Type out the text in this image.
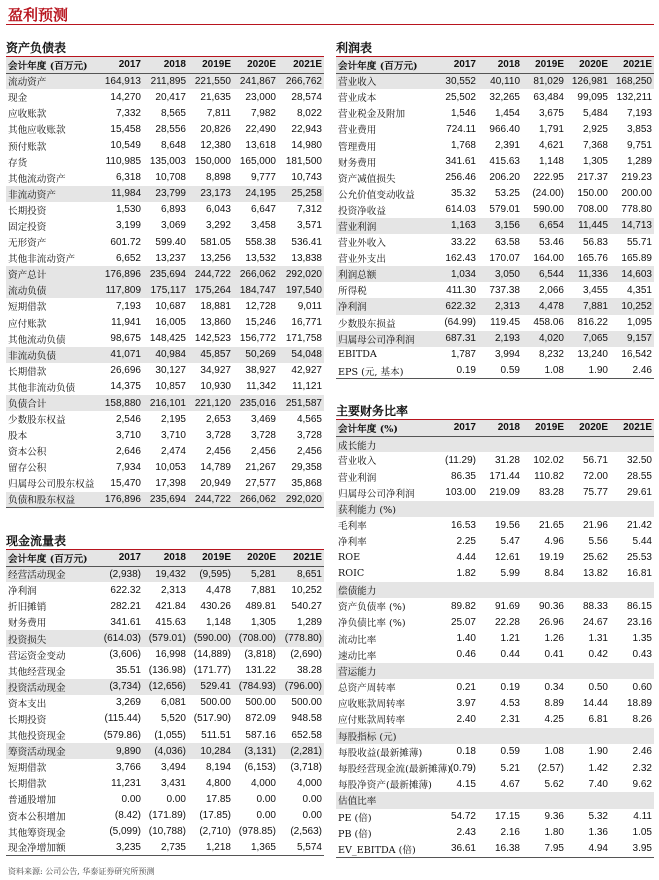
盈利预测
资产负债表
会计年度 (百万元)	2017	2018	2019E	2020E	2021E
流动资产	164,913	211,895	221,550	241,867	266,762
现金	14,270	20,417	21,635	23,000	28,574
应收账款	7,332	8,565	7,811	7,982	8,022
其他应收账款	15,458	28,556	20,826	22,490	22,943
预付账款	10,549	8,648	12,380	13,618	14,980
存货	110,985	135,003	150,000	165,000	181,500
其他流动资产	6,318	10,708	8,898	9,777	10,743
非流动资产	11,984	23,799	23,173	24,195	25,258
长期投资	1,530	6,893	6,043	6,647	7,312
固定投资	3,199	3,069	3,292	3,458	3,571
无形资产	601.72	599.40	581.05	558.38	536.41
其他非流动资产	6,652	13,237	13,256	13,532	13,838
资产总计	176,896	235,694	244,722	266,062	292,020
流动负债	117,809	175,117	175,264	184,747	197,540
短期借款	7,193	10,687	18,881	12,728	9,011
应付账款	11,941	16,005	13,860	15,246	16,771
其他流动负债	98,675	148,425	142,523	156,772	171,758
非流动负债	41,071	40,984	45,857	50,269	54,048
长期借款	26,696	30,127	34,927	38,927	42,927
其他非流动负债	14,375	10,857	10,930	11,342	11,121
负债合计	158,880	216,101	221,120	235,016	251,587
少数股东权益	2,546	2,195	2,653	3,469	4,565
股本	3,710	3,710	3,728	3,728	3,728
资本公积	2,646	2,474	2,456	2,456	2,456
留存公积	7,934	10,053	14,789	21,267	29,358
归属母公司股东权益	15,470	17,398	20,949	27,577	35,868
负债和股东权益	176,896	235,694	244,722	266,062	292,020
现金流量表
会计年度 (百万元)	2017	2018	2019E	2020E	2021E
经营活动现金	(2,938)	19,432	(9,595)	5,281	8,651
净利润	622.32	2,313	4,478	7,881	10,252
折旧摊销	282.21	421.84	430.26	489.81	540.27
财务费用	341.61	415.63	1,148	1,305	1,289
投资损失	(614.03)	(579.01)	(590.00)	(708.00)	(778.80)
营运资金变动	(3,606)	16,998	(14,889)	(3,818)	(2,690)
其他经营现金	35.51	(136.98)	(171.77)	131.22	38.28
投资活动现金	(3,734)	(12,656)	529.41	(784.93)	(796.00)
资本支出	3,269	6,081	500.00	500.00	500.00
长期投资	(115.44)	5,520	(517.90)	872.09	948.58
其他投资现金	(579.86)	(1,055)	511.51	587.16	652.58
筹资活动现金	9,890	(4,036)	10,284	(3,131)	(2,281)
短期借款	3,766	3,494	8,194	(6,153)	(3,718)
长期借款	11,231	3,431	4,800	4,000	4,000
普通股增加	0.00	0.00	17.85	0.00	0.00
资本公积增加	(8.42)	(171.89)	(17.85)	0.00	0.00
其他筹资现金	(5,099)	(10,788)	(2,710)	(978.85)	(2,563)
现金净增加额	3,235	2,735	1,218	1,365	5,574
利润表
会计年度 (百万元)	2017	2018	2019E	2020E	2021E
营业收入	30,552	40,110	81,029	126,981	168,250
营业成本	25,502	32,265	63,484	99,095	132,211
营业税金及附加	1,546	1,454	3,675	5,484	7,193
营业费用	724.11	966.40	1,791	2,925	3,853
管理费用	1,768	2,391	4,621	7,368	9,751
财务费用	341.61	415.63	1,148	1,305	1,289
资产减值损失	256.46	206.20	222.95	217.37	219.23
公允价值变动收益	35.32	53.25	(24.00)	150.00	200.00
投资净收益	614.03	579.01	590.00	708.00	778.80
营业利润	1,163	3,156	6,654	11,445	14,713
营业外收入	33.22	63.58	53.46	56.83	55.71
营业外支出	162.43	170.07	164.00	165.76	165.89
利润总额	1,034	3,050	6,544	11,336	14,603
所得税	411.30	737.38	2,066	3,455	4,351
净利润	622.32	2,313	4,478	7,881	10,252
少数股东损益	(64.99)	119.45	458.06	816.22	1,095
归属母公司净利润	687.31	2,193	4,020	7,065	9,157
EBITDA	1,787	3,994	8,232	13,240	16,542
EPS (元, 基本)	0.19	0.59	1.08	1.90	2.46
主要财务比率
会计年度 (%)	2017	2018	2019E	2020E	2021E
成长能力					
营业收入	(11.29)	31.28	102.02	56.71	32.50
营业利润	86.35	171.44	110.82	72.00	28.55
归属母公司净利润	103.00	219.09	83.28	75.77	29.61
获利能力 (%)					
毛利率	16.53	19.56	21.65	21.96	21.42
净利率	2.25	5.47	4.96	5.56	5.44
ROE	4.44	12.61	19.19	25.62	25.53
ROIC	1.82	5.99	8.84	13.82	16.81
偿债能力					
资产负债率 (%)	89.82	91.69	90.36	88.33	86.15
净负债比率 (%)	25.07	22.28	26.96	24.67	23.16
流动比率	1.40	1.21	1.26	1.31	1.35
速动比率	0.46	0.44	0.41	0.42	0.43
营运能力					
总资产周转率	0.21	0.19	0.34	0.50	0.60
应收账款周转率	3.97	4.53	8.89	14.44	18.89
应付账款周转率	2.40	2.31	4.25	6.81	8.26
每股指标 (元)					
每股收益(最新摊薄)	0.18	0.59	1.08	1.90	2.46
每股经营现金流(最新摊薄)	(0.79)	5.21	(2.57)	1.42	2.32
每股净资产(最新摊薄)	4.15	4.67	5.62	7.40	9.62
估值比率					
PE (倍)	54.72	17.15	9.36	5.32	4.11
PB (倍)	2.43	2.16	1.80	1.36	1.05
EV_EBITDA (倍)	36.61	16.38	7.95	4.94	3.95
资料来源: 公司公告, 华泰证券研究所预测
